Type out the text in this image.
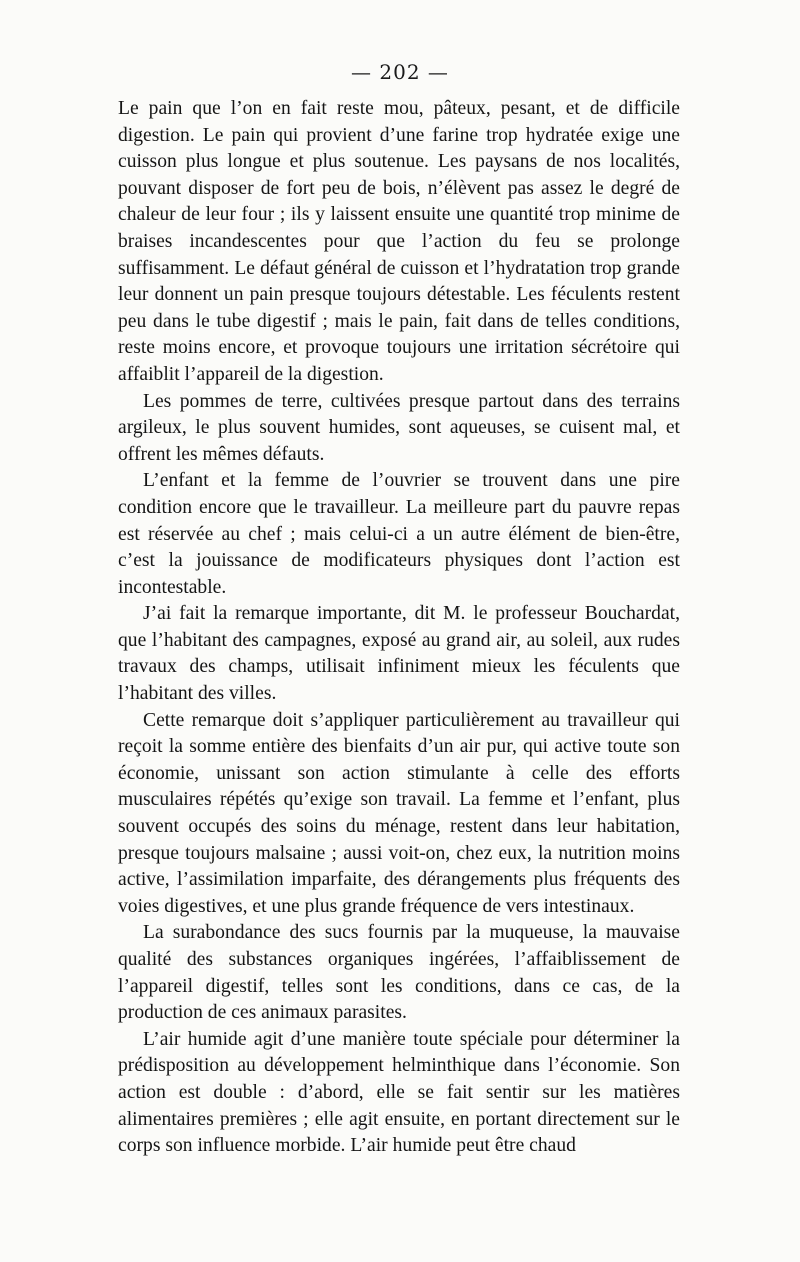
— 202 —

Le pain que l’on en fait reste mou, pâteux, pesant, et de difficile digestion. Le pain qui provient d’une farine trop hydratée exige une cuisson plus longue et plus soutenue. Les paysans de nos localités, pouvant disposer de fort peu de bois, n’élèvent pas assez le degré de chaleur de leur four ; ils y laissent ensuite une quantité trop minime de braises incandescentes pour que l’action du feu se prolonge suffisamment. Le défaut général de cuisson et l’hydratation trop grande leur donnent un pain presque toujours détestable. Les féculents restent peu dans le tube digestif ; mais le pain, fait dans de telles conditions, reste moins encore, et provoque toujours une irritation sécrétoire qui affaiblit l’appareil de la digestion.

Les pommes de terre, cultivées presque partout dans des terrains argileux, le plus souvent humides, sont aqueuses, se cuisent mal, et offrent les mêmes défauts.

L’enfant et la femme de l’ouvrier se trouvent dans une pire condition encore que le travailleur. La meilleure part du pauvre repas est réservée au chef ; mais celui-ci a un autre élément de bien-être, c’est la jouissance de modificateurs physiques dont l’action est incontestable.

J’ai fait la remarque importante, dit M. le professeur Bouchardat, que l’habitant des campagnes, exposé au grand air, au soleil, aux rudes travaux des champs, utilisait infiniment mieux les féculents que l’habitant des villes.

Cette remarque doit s’appliquer particulièrement au travailleur qui reçoit la somme entière des bienfaits d’un air pur, qui active toute son économie, unissant son action stimulante à celle des efforts musculaires répétés qu’exige son travail. La femme et l’enfant, plus souvent occupés des soins du ménage, restent dans leur habitation, presque toujours malsaine ; aussi voit-on, chez eux, la nutrition moins active, l’assimilation imparfaite, des dérangements plus fréquents des voies digestives, et une plus grande fréquence de vers intestinaux.

La surabondance des sucs fournis par la muqueuse, la mauvaise qualité des substances organiques ingérées, l’affaiblissement de l’appareil digestif, telles sont les conditions, dans ce cas, de la production de ces animaux parasites.

L’air humide agit d’une manière toute spéciale pour déterminer la prédisposition au développement helminthique dans l’économie. Son action est double : d’abord, elle se fait sentir sur les matières alimentaires premières ; elle agit ensuite, en portant directement sur le corps son influence morbide. L’air humide peut être chaud
